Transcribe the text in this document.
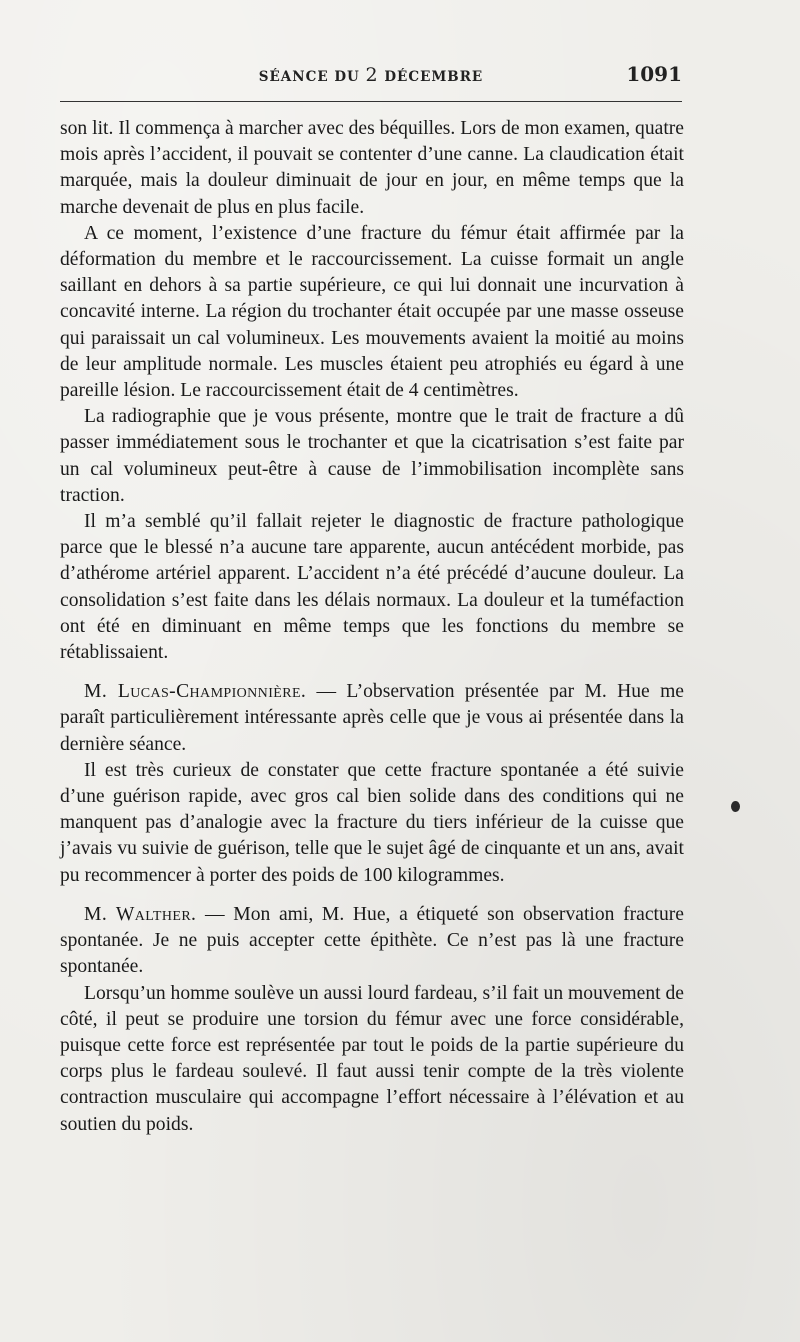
SÉANCE DU 2 DÉCEMBRE	1091

son lit. Il commença à marcher avec des béquilles. Lors de mon examen, quatre mois après l’accident, il pouvait se contenter d’une canne. La claudication était marquée, mais la douleur diminuait de jour en jour, en même temps que la marche devenait de plus en plus facile.

A ce moment, l’existence d’une fracture du fémur était affirmée par la déformation du membre et le raccourcissement. La cuisse formait un angle saillant en dehors à sa partie supérieure, ce qui lui donnait une incurvation à concavité interne. La région du trochanter était occupée par une masse osseuse qui paraissait un cal volumineux. Les mouvements avaient la moitié au moins de leur amplitude normale. Les muscles étaient peu atrophiés eu égard à une pareille lésion. Le raccourcissement était de 4 centimètres.

La radiographie que je vous présente, montre que le trait de fracture a dû passer immédiatement sous le trochanter et que la cicatrisation s’est faite par un cal volumineux peut-être à cause de l’immobilisation incomplète sans traction.

Il m’a semblé qu’il fallait rejeter le diagnostic de fracture pathologique parce que le blessé n’a aucune tare apparente, aucun antécédent morbide, pas d’athérome artériel apparent. L’accident n’a été précédé d’aucune douleur. La consolidation s’est faite dans les délais normaux. La douleur et la tuméfaction ont été en diminuant en même temps que les fonctions du membre se rétablissaient.

M. Lucas-Championnière. — L’observation présentée par M. Hue me paraît particulièrement intéressante après celle que je vous ai présentée dans la dernière séance.

Il est très curieux de constater que cette fracture spontanée a été suivie d’une guérison rapide, avec gros cal bien solide dans des conditions qui ne manquent pas d’analogie avec la fracture du tiers inférieur de la cuisse que j’avais vu suivie de guérison, telle que le sujet âgé de cinquante et un ans, avait pu recommencer à porter des poids de 100 kilogrammes.

M. Walther. — Mon ami, M. Hue, a étiqueté son observation fracture spontanée. Je ne puis accepter cette épithète. Ce n’est pas là une fracture spontanée.

Lorsqu’un homme soulève un aussi lourd fardeau, s’il fait un mouvement de côté, il peut se produire une torsion du fémur avec une force considérable, puisque cette force est représentée par tout le poids de la partie supérieure du corps plus le fardeau soulevé. Il faut aussi tenir compte de la très violente contraction musculaire qui accompagne l’effort nécessaire à l’élévation et au soutien du poids.
